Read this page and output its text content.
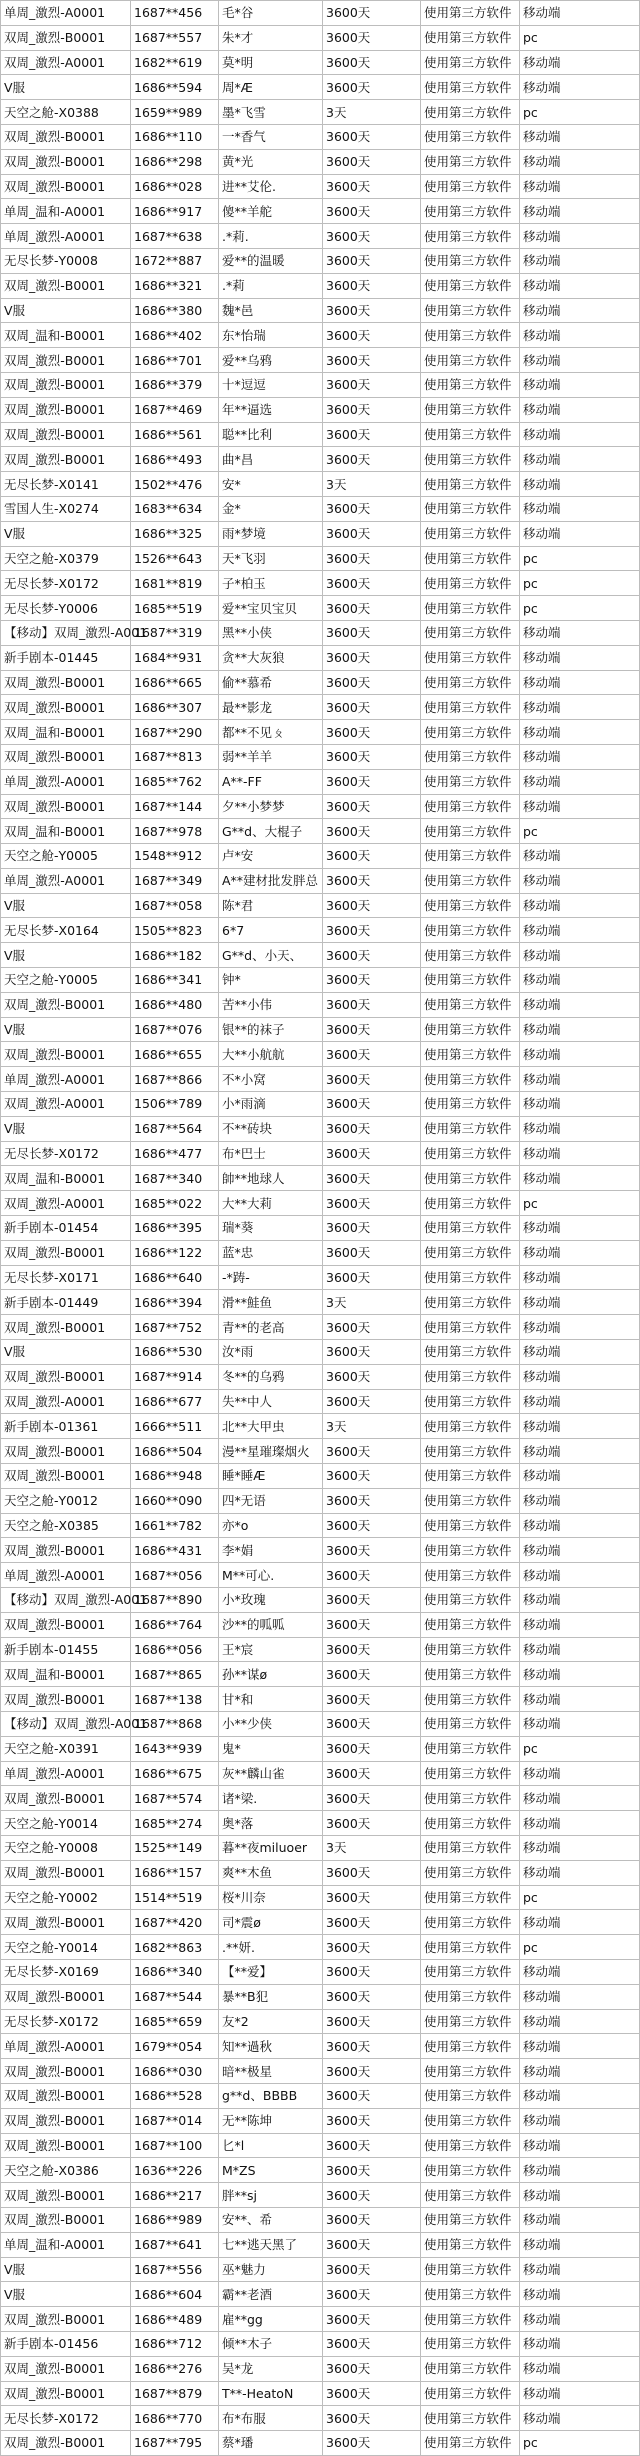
单周_激烈-A0001	1687**456	毛*谷	3600天	使用第三方软件	移动端
双周_激烈-B0001	1687**557	朱*才	3600天	使用第三方软件	pc
双周_激烈-A0001	1682**619	莫*明	3600天	使用第三方软件	移动端
V服	1686**594	周*Æ	3600天	使用第三方软件	移动端
天空之舱-X0388	1659**989	墨*飞雪	3天	使用第三方软件	pc
双周_激烈-B0001	1686**110	一*香气	3600天	使用第三方软件	移动端
双周_激烈-B0001	1686**298	黄*光	3600天	使用第三方软件	移动端
双周_激烈-B0001	1686**028	进**艾伦.	3600天	使用第三方软件	移动端
单周_温和-A0001	1686**917	傻**羊舵	3600天	使用第三方软件	移动端
单周_激烈-A0001	1687**638	.*莉.	3600天	使用第三方软件	移动端
无尽长梦-Y0008	1672**887	爱**的温暖	3600天	使用第三方软件	移动端
双周_激烈-B0001	1686**321	.*莉	3600天	使用第三方软件	移动端
V服	1686**380	魏*邑	3600天	使用第三方软件	移动端
双周_温和-B0001	1686**402	东*怡瑞	3600天	使用第三方软件	移动端
双周_激烈-B0001	1686**701	爱**乌鸦	3600天	使用第三方软件	移动端
双周_激烈-B0001	1686**379	十*逗逗	3600天	使用第三方软件	移动端
双周_激烈-B0001	1687**469	年**逼选	3600天	使用第三方软件	移动端
双周_激烈-B0001	1686**561	聪**比利	3600天	使用第三方软件	移动端
双周_激烈-B0001	1686**493	曲*昌	3600天	使用第三方软件	移动端
无尽长梦-X0141	1502**476	安*	3天	使用第三方软件	移动端
雪国人生-X0274	1683**634	金*	3600天	使用第三方软件	移动端
V服	1686**325	雨*梦境	3600天	使用第三方软件	移动端
天空之舱-X0379	1526**643	天*飞羽	3600天	使用第三方软件	pc
无尽长梦-X0172	1681**819	子*柏玉	3600天	使用第三方软件	pc
无尽长梦-Y0006	1685**519	爱**宝贝宝贝	3600天	使用第三方软件	pc
【移动】双周_激烈-A001	1687**319	黑**小侠	3600天	使用第三方软件	移动端
新手剧本-01445	1684**931	贪**大灰狼	3600天	使用第三方软件	移动端
双周_激烈-B0001	1686**665	偷**慕希	3600天	使用第三方软件	移动端
双周_激烈-B0001	1686**307	最**影龙	3600天	使用第三方软件	移动端
双周_温和-B0001	1687**290	都**不见ㄆ	3600天	使用第三方软件	移动端
双周_激烈-B0001	1687**813	弱**羊羊	3600天	使用第三方软件	移动端
单周_激烈-A0001	1685**762	A**-FF	3600天	使用第三方软件	移动端
双周_激烈-B0001	1687**144	夕**小梦梦	3600天	使用第三方软件	移动端
双周_温和-B0001	1687**978	G**d、大棍子	3600天	使用第三方软件	pc
天空之舱-Y0005	1548**912	卢*安	3600天	使用第三方软件	移动端
单周_激烈-A0001	1687**349	A**建材批发胖总	3600天	使用第三方软件	移动端
V服	1687**058	陈*君	3600天	使用第三方软件	移动端
无尽长梦-X0164	1505**823	6*7	3600天	使用第三方软件	移动端
V服	1686**182	G**d、小天、	3600天	使用第三方软件	移动端
天空之舱-Y0005	1686**341	钟*	3600天	使用第三方软件	移动端
双周_激烈-B0001	1686**480	苦**小伟	3600天	使用第三方软件	移动端
V服	1687**076	银**的袜子	3600天	使用第三方软件	移动端
双周_激烈-B0001	1686**655	大**小航航	3600天	使用第三方软件	移动端
单周_激烈-A0001	1687**866	不*小窝	3600天	使用第三方软件	移动端
双周_激烈-A0001	1506**789	小*雨滴	3600天	使用第三方软件	移动端
V服	1687**564	不**砖块	3600天	使用第三方软件	移动端
无尽长梦-X0172	1686**477	布*巴士	3600天	使用第三方软件	移动端
双周_温和-B0001	1687**340	帥**地球人	3600天	使用第三方软件	移动端
双周_激烈-A0001	1685**022	大**大莉	3600天	使用第三方软件	pc
新手剧本-01454	1686**395	瑞*葵	3600天	使用第三方软件	移动端
双周_激烈-B0001	1686**122	蓝*忠	3600天	使用第三方软件	移动端
无尽长梦-X0171	1686**640	-*踌-	3600天	使用第三方软件	移动端
新手剧本-01449	1686**394	滑**鮭鱼	3天	使用第三方软件	移动端
双周_激烈-B0001	1687**752	青**的老高	3600天	使用第三方软件	移动端
V服	1686**530	汝*雨	3600天	使用第三方软件	移动端
双周_激烈-B0001	1687**914	冬**的乌鸦	3600天	使用第三方软件	移动端
双周_激烈-A0001	1686**677	失**中人	3600天	使用第三方软件	移动端
新手剧本-01361	1666**511	北**大甲虫	3天	使用第三方软件	移动端
双周_激烈-B0001	1686**504	漫**星璀璨烟火	3600天	使用第三方软件	移动端
双周_激烈-B0001	1686**948	睡*睡Æ	3600天	使用第三方软件	移动端
天空之舱-Y0012	1660**090	四*无语	3600天	使用第三方软件	移动端
天空之舱-X0385	1661**782	亦*o	3600天	使用第三方软件	移动端
双周_激烈-B0001	1686**431	李*娟	3600天	使用第三方软件	移动端
单周_激烈-A0001	1687**056	M**可心.	3600天	使用第三方软件	移动端
【移动】双周_激烈-A001	1687**890	小*玫瑰	3600天	使用第三方软件	移动端
双周_激烈-B0001	1686**764	沙**的呱呱	3600天	使用第三方软件	移动端
新手剧本-01455	1686**056	王*宸	3600天	使用第三方软件	移动端
双周_温和-B0001	1687**865	孙**谋ø	3600天	使用第三方软件	移动端
双周_激烈-B0001	1687**138	甘*和	3600天	使用第三方软件	移动端
【移动】双周_激烈-A001	1687**868	小**少侠	3600天	使用第三方软件	移动端
天空之舱-X0391	1643**939	鬼*	3600天	使用第三方软件	pc
单周_激烈-A0001	1686**675	灰**麟山雀	3600天	使用第三方软件	移动端
双周_激烈-B0001	1687**574	诸*梁.	3600天	使用第三方软件	移动端
天空之舱-Y0014	1685**274	奥*落	3600天	使用第三方软件	移动端
天空之舱-Y0008	1525**149	暮**夜miluoer	3天	使用第三方软件	移动端
双周_激烈-B0001	1686**157	爽**木鱼	3600天	使用第三方软件	移动端
天空之舱-Y0002	1514**519	桜*川奈	3600天	使用第三方软件	pc
双周_激烈-B0001	1687**420	司*震ø	3600天	使用第三方软件	移动端
天空之舱-Y0014	1682**863	.**妍.	3600天	使用第三方软件	pc
无尽长梦-X0169	1686**340	【**爱】	3600天	使用第三方软件	移动端
双周_激烈-B0001	1687**544	暴**B犯	3600天	使用第三方软件	移动端
无尽长梦-X0172	1685**659	友*2	3600天	使用第三方软件	移动端
单周_激烈-A0001	1679**054	知**過秋	3600天	使用第三方软件	移动端
双周_激烈-B0001	1686**030	暗**极星	3600天	使用第三方软件	移动端
双周_激烈-B0001	1686**528	g**d、BBBB	3600天	使用第三方软件	移动端
双周_激烈-B0001	1687**014	无**陈坤	3600天	使用第三方软件	移动端
双周_激烈-B0001	1687**100	匕*l	3600天	使用第三方软件	移动端
天空之舱-X0386	1636**226	M*ZS	3600天	使用第三方软件	移动端
双周_激烈-B0001	1686**217	胖**sj	3600天	使用第三方软件	移动端
双周_激烈-B0001	1686**989	安**、希	3600天	使用第三方软件	移动端
单周_温和-A0001	1687**641	七**逃天黑了	3600天	使用第三方软件	移动端
V服	1687**556	巫*魅力	3600天	使用第三方软件	移动端
V服	1686**604	霸**老酒	3600天	使用第三方软件	移动端
双周_激烈-B0001	1686**489	雇**gg	3600天	使用第三方软件	移动端
新手剧本-01456	1686**712	倾**木子	3600天	使用第三方软件	移动端
双周_激烈-B0001	1686**276	吴*龙	3600天	使用第三方软件	移动端
双周_激烈-B0001	1687**879	T**-HeatoN	3600天	使用第三方软件	移动端
无尽长梦-X0172	1686**770	布*布服	3600天	使用第三方软件	移动端
双周_激烈-B0001	1687**795	蔡*璠	3600天	使用第三方软件	pc
